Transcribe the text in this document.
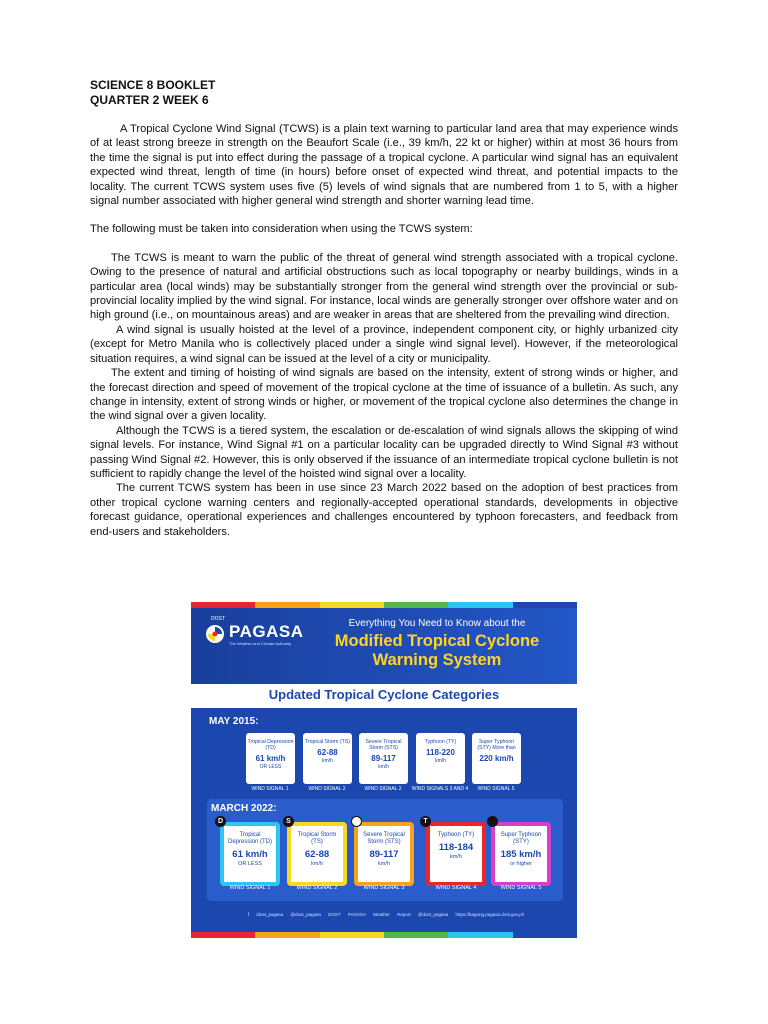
SCIENCE 8 BOOKLET
QUARTER 2 WEEK 6

A Tropical Cyclone Wind Signal (TCWS) is a plain text warning to particular land area that may experience winds of at least strong breeze in strength on the Beaufort Scale (i.e., 39 km/h, 22 kt or higher) within at most 36 hours from the time the signal is put into effect during the passage of a tropical cyclone. A particular wind signal has an equivalent expected wind threat, length of time (in hours) before onset of expected wind threat, and potential impacts to the locality. The current TCWS system uses five (5) levels of wind signals that are numbered from 1 to 5, with a higher signal number associated with higher general wind strength and shorter warning lead time.

The following must be taken into consideration when using the TCWS system:

The TCWS is meant to warn the public of the threat of general wind strength associated with a tropical cyclone. Owing to the presence of natural and artificial obstructions such as local topography or nearby buildings, winds in a particular area (local winds) may be substantially stronger from the general wind strength over the provincial or sub-provincial locality implied by the wind signal. For instance, local winds are generally stronger over offshore water and on high ground (i.e., on mountainous areas) and are weaker in areas that are sheltered from the prevailing wind direction.

A wind signal is usually hoisted at the level of a province, independent component city, or highly urbanized city (except for Metro Manila who is collectively placed under a single wind signal level). However, if the meteorological situation requires, a wind signal can be issued at the level of a city or municipality.

The extent and timing of hoisting of wind signals are based on the intensity, extent of strong winds or higher, and the forecast direction and speed of movement of the tropical cyclone at the time of issuance of a bulletin. As such, any change in intensity, extent of strong winds or higher, or movement of the tropical cyclone also determines the change in the wind signal over a given locality.

Although the TCWS is a tiered system, the escalation or de-escalation of wind signals allows the skipping of wind signal levels. For instance, Wind Signal #1 on a particular locality can be upgraded directly to Wind Signal #3 without passing Wind Signal #2. However, this is only observed if the issuance of an intermediate tropical cyclone bulletin is not sufficient to rapidly change the level of the hoisted wind signal over a locality.

The current TCWS system has been in use since 23 March 2022 based on the adoption of best practices from other tropical cyclone warning centers and regionally-accepted operational standards, developments in objective forecast guidance, operational experiences and challenges encountered by typhoon forecasters, and feedback from end-users and stakeholders.

DOST
PAGASA
The Weather and Climate Authority
Everything You Need to Know about the
Modified Tropical Cyclone Warning System
Updated Tropical Cyclone Categories
MAY 2015:
Tropical Depression (TD)
61 km/h
OR LESS
Tropical Storm (TS)
62-88
km/h
Severe Tropical Storm (STS)
89-117
km/h
Typhoon (TY)
118-220
km/h
Super Typhoon (STY) More than
220 km/h
WIND SIGNAL 1	WIND SIGNAL 2	WIND SIGNAL 2	WIND SIGNALS 3 AND 4	WIND SIGNAL 5
MARCH 2022:
Tropical Depression (TD)
61 km/h
OR LESS
Tropical Storm (TS)
62-88
km/h
Severe Tropical Storm (STS)
89-117
km/h
Typhoon (TY)
118-184
km/h
Super Typhoon (STY)
185 km/h
or higher
D	S	T
WIND SIGNAL 1	WIND SIGNAL 2	WIND SIGNAL 3	WIND SIGNAL 4	WIND SIGNAL 5
f /dost_pagasa @dost_pagasa DOST PAGASA Weather Report @dost_pagasa https://bagong.pagasa.dost.gov.ph
